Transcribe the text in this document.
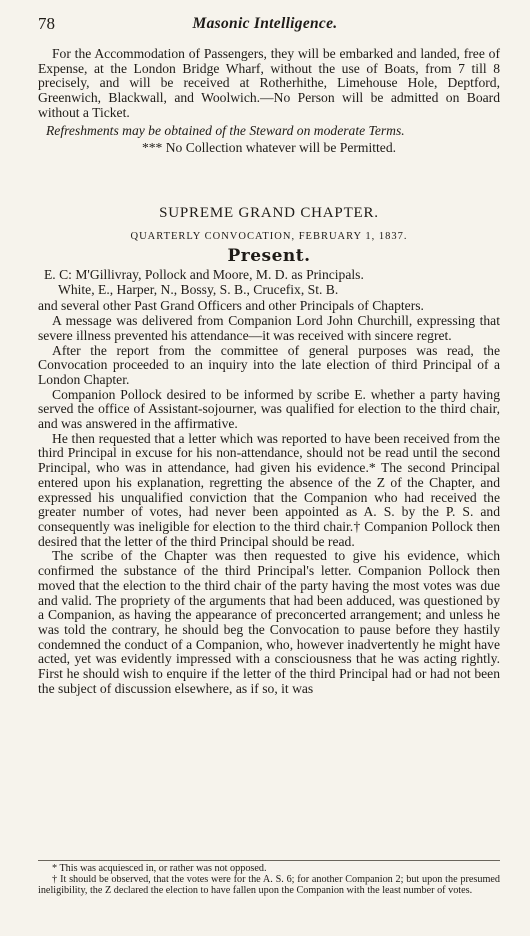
78	Masonic Intelligence.

For the Accommodation of Passengers, they will be embarked and landed, free of Expense, at the London Bridge Wharf, without the use of Boats, from 7 till 8 precisely, and will be received at Rotherhithe, Limehouse Hole, Deptford, Greenwich, Blackwall, and Woolwich.—No Person will be admitted on Board without a Ticket.

Refreshments may be obtained of the Steward on moderate Terms.

*** No Collection whatever will be Permitted.

SUPREME GRAND CHAPTER.

QUARTERLY CONVOCATION, FEBRUARY 1, 1837.

Present.

E. C: M'Gillivray, Pollock and Moore, M. D. as Principals.

White, E., Harper, N., Bossy, S. B., Crucefix, St. B.

and several other Past Grand Officers and other Principals of Chapters.

A message was delivered from Companion Lord John Churchill, expressing that severe illness prevented his attendance—it was received with sincere regret.

After the report from the committee of general purposes was read, the Convocation proceeded to an inquiry into the late election of third Principal of a London Chapter.

Companion Pollock desired to be informed by scribe E. whether a party having served the office of Assistant-sojourner, was qualified for election to the third chair, and was answered in the affirmative.

He then requested that a letter which was reported to have been received from the third Principal in excuse for his non-attendance, should not be read until the second Principal, who was in attendance, had given his evidence.* The second Principal entered upon his explanation, regretting the absence of the Z of the Chapter, and expressed his unqualified conviction that the Companion who had received the greater number of votes, had never been appointed as A. S. by the P. S. and consequently was ineligible for election to the third chair.† Companion Pollock then desired that the letter of the third Principal should be read.

The scribe of the Chapter was then requested to give his evidence, which confirmed the substance of the third Principal's letter. Companion Pollock then moved that the election to the third chair of the party having the most votes was due and valid. The propriety of the arguments that had been adduced, was questioned by a Companion, as having the appearance of preconcerted arrangement; and unless he was told the contrary, he should beg the Convocation to pause before they hastily condemned the conduct of a Companion, who, however inadvertently he might have acted, yet was evidently impressed with a consciousness that he was acting rightly. First he should wish to enquire if the letter of the third Principal had or had not been the subject of discussion elsewhere, as if so, it was

* This was acquiesced in, or rather was not opposed.

† It should be observed, that the votes were for the A. S. 6; for another Companion 2; but upon the presumed ineligibility, the Z declared the election to have fallen upon the Companion with the least number of votes.
